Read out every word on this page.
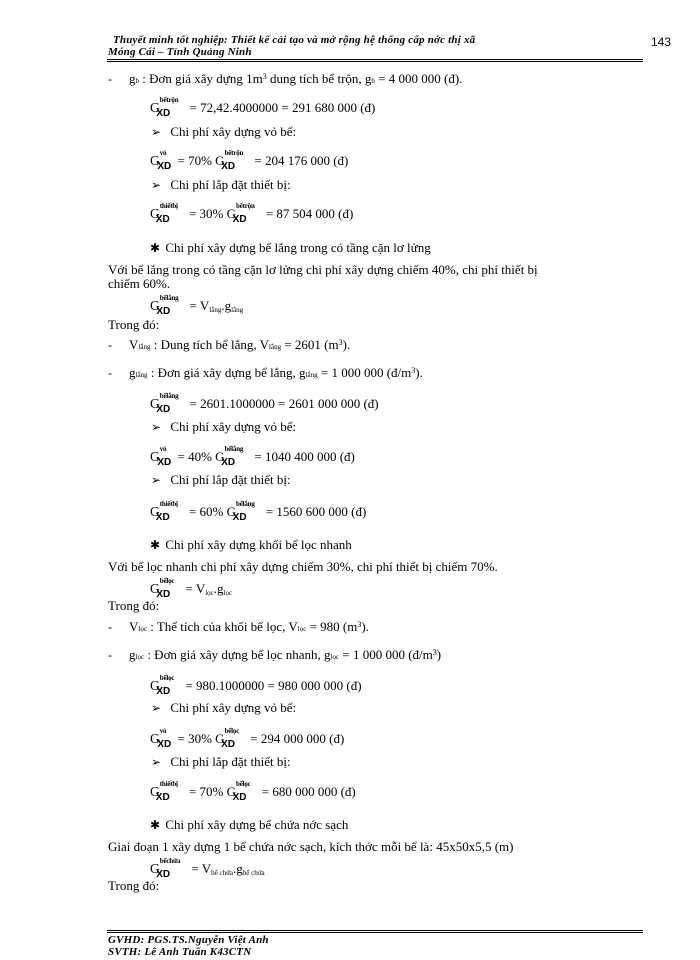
Thuyết minh tốt nghiệp: Thiết kế cải tạo và mở rộng hệ thống cấp nớc thị xã
Móng Cái – Tỉnh Quảng Ninh
143
- gb : Đơn giá xây dựng $1m^3$ dung tích bể trộn, gb = 4 000 000 (đ).
$G^{bểtrộn}_{XD} = 72,42.4000000 = 291$ 680 000 (đ)
➢ Chi phí xây dựng vỏ bể:
$G^{vỏ}_{XD} = 70\%$ $G^{bểtrộn}_{XD} = 204$ 176 000 (đ)
➢ Chi phí lắp đặt thiết bị:
$G^{thiếtbị}_{XD} = 30\%$ $G^{bểtrộn}_{XD} = 87$ 504 000 (đ)
✱ Chi phí xây dựng bể lắng trong có tầng cặn lơ lửng
Với bể lắng trong có tầng cặn lơ lửng chi phí xây dựng chiếm 40%, chi phí thiết bị
chiếm 60%.
$G^{bểlắng}_{XD}$ = Vlắng.glắng
Trong đó:
- Vlắng : Dung tích bể lắng, Vlắng = 2601 $(m^3)$.
- glắng : Đơn giá xây dựng bể lắng, glắng = 1 000 000 $(đ/m^3)$.
$G^{bểlắng}_{XD} = 2601.1000000 = 2601$ 000 000 (đ)
➢ Chi phí xây dựng vỏ bể:
$G^{vỏ}_{XD} = 40\%$ $G^{bểlắng}_{XD} = 1040$ 400 000 (đ)
➢ Chi phí lắp đặt thiết bị:
$G^{thiếtbị}_{XD} = 60\%$ $G^{bểlắng}_{XD} = 1560$ 600 000 (đ)
✱ Chi phí xây dựng khối bể lọc nhanh
Với bể lọc nhanh chi phí xây dựng chiếm 30%, chi phí thiết bị chiếm 70%.
$G^{bểlọc}_{XD}$ = Vlọc.glọc
Trong đó:
- Vlọc : Thể tích của khối bể lọc, Vlọc = 980 $(m^3)$.
- glọc : Đơn giá xây dựng bể lọc nhanh, glọc = 1 000 000 $(đ/m^3)$
$G^{bểlọc}_{XD} = 980.1000000 = 980$ 000 000 (đ)
➢ Chi phí xây dựng vỏ bể:
$G^{vỏ}_{XD} = 30\%$ $G^{bểlọc}_{XD} = 294$ 000 000 (đ)
➢ Chi phí lắp đặt thiết bị:
$G^{thiếtbị}_{XD} = 70\%$ $G^{bểlọc}_{XD} = 680$ 000 000 (đ)
✱ Chi phí xây dựng bể chứa nớc sạch
Giai đoạn 1 xây dựng 1 bể chứa nớc sạch, kích thớc mỗi bể là: 45x50x5,5 (m)
$G^{bểchứa}_{XD}$ = Vbể chứa.gbể chứa
Trong đó:
GVHD: PGS.TS.Nguyễn Việt Anh
SVTH: Lê Anh Tuấn K43CTN
